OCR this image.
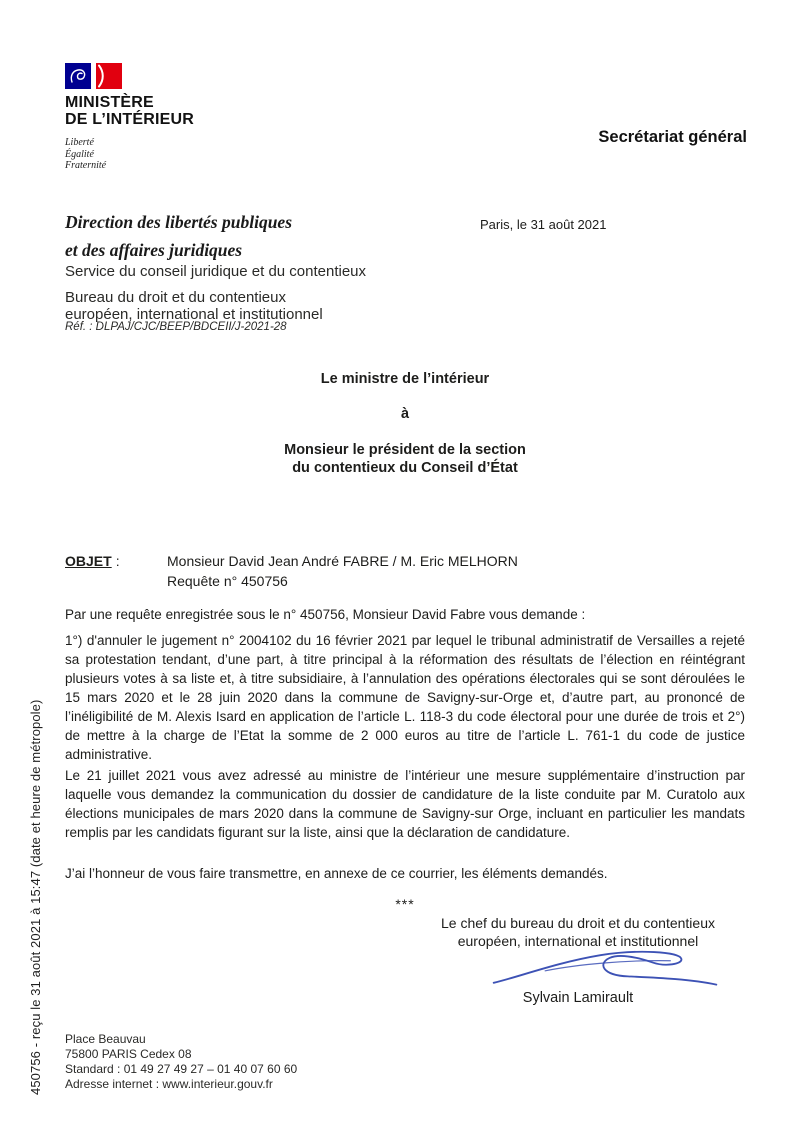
450756 - reçu le 31 août 2021 à 15:47 (date et heure de métropole)
MINISTÈRE
DE L’INTÉRIEUR
Liberté
Égalité
Fraternité
Secrétariat général
Direction des libertés publiques
et des affaires juridiques
Paris, le 31 août 2021
Service du conseil juridique et du contentieux
Bureau du droit et du contentieux
européen, international et institutionnel
Réf. : DLPAJ/CJC/BEEP/BDCEII/J-2021-28
Le ministre de l’intérieur
à
Monsieur le président de la section
du contentieux du Conseil d’État
OBJET :	Monsieur David Jean André FABRE / M. Eric MELHORN
Requête n° 450756

Par une requête enregistrée sous le n° 450756, Monsieur David Fabre vous demande :

1°) d'annuler le jugement n° 2004102 du 16 février 2021 par lequel le tribunal administratif de Versailles a rejeté sa protestation tendant, d’une part, à titre principal à la réformation des résultats de l’élection en réintégrant plusieurs votes à sa liste et, à titre subsidiaire, à l’annulation des opérations électorales qui se sont déroulées le 15 mars 2020 et le 28 juin 2020 dans la commune de Savigny-sur-Orge et, d’autre part, au prononcé de l’inéligibilité de M. Alexis Isard en application de l’article L. 118-3 du code électoral pour une durée de trois et 2°) de mettre à la charge de l’Etat la somme de 2 000 euros au titre de l’article L. 761-1 du code de justice administrative.

Le 21 juillet 2021 vous avez adressé au ministre de l’intérieur une mesure supplémentaire d’instruction par laquelle vous demandez la communication du dossier de candidature de la liste conduite par M. Curatolo aux élections municipales de mars 2020 dans la commune de Savigny-sur Orge, incluant en particulier les mandats remplis par les candidats figurant sur la liste, ainsi que la déclaration de candidature.

J’ai l’honneur de vous faire transmettre, en annexe de ce courrier, les éléments demandés.

***
Le chef du bureau du droit et du contentieux
européen, international et institutionnel
Sylvain Lamirault
Place Beauvau
75800 PARIS Cedex 08
Standard : 01 49 27 49 27 – 01 40 07 60 60
Adresse internet : www.interieur.gouv.fr
